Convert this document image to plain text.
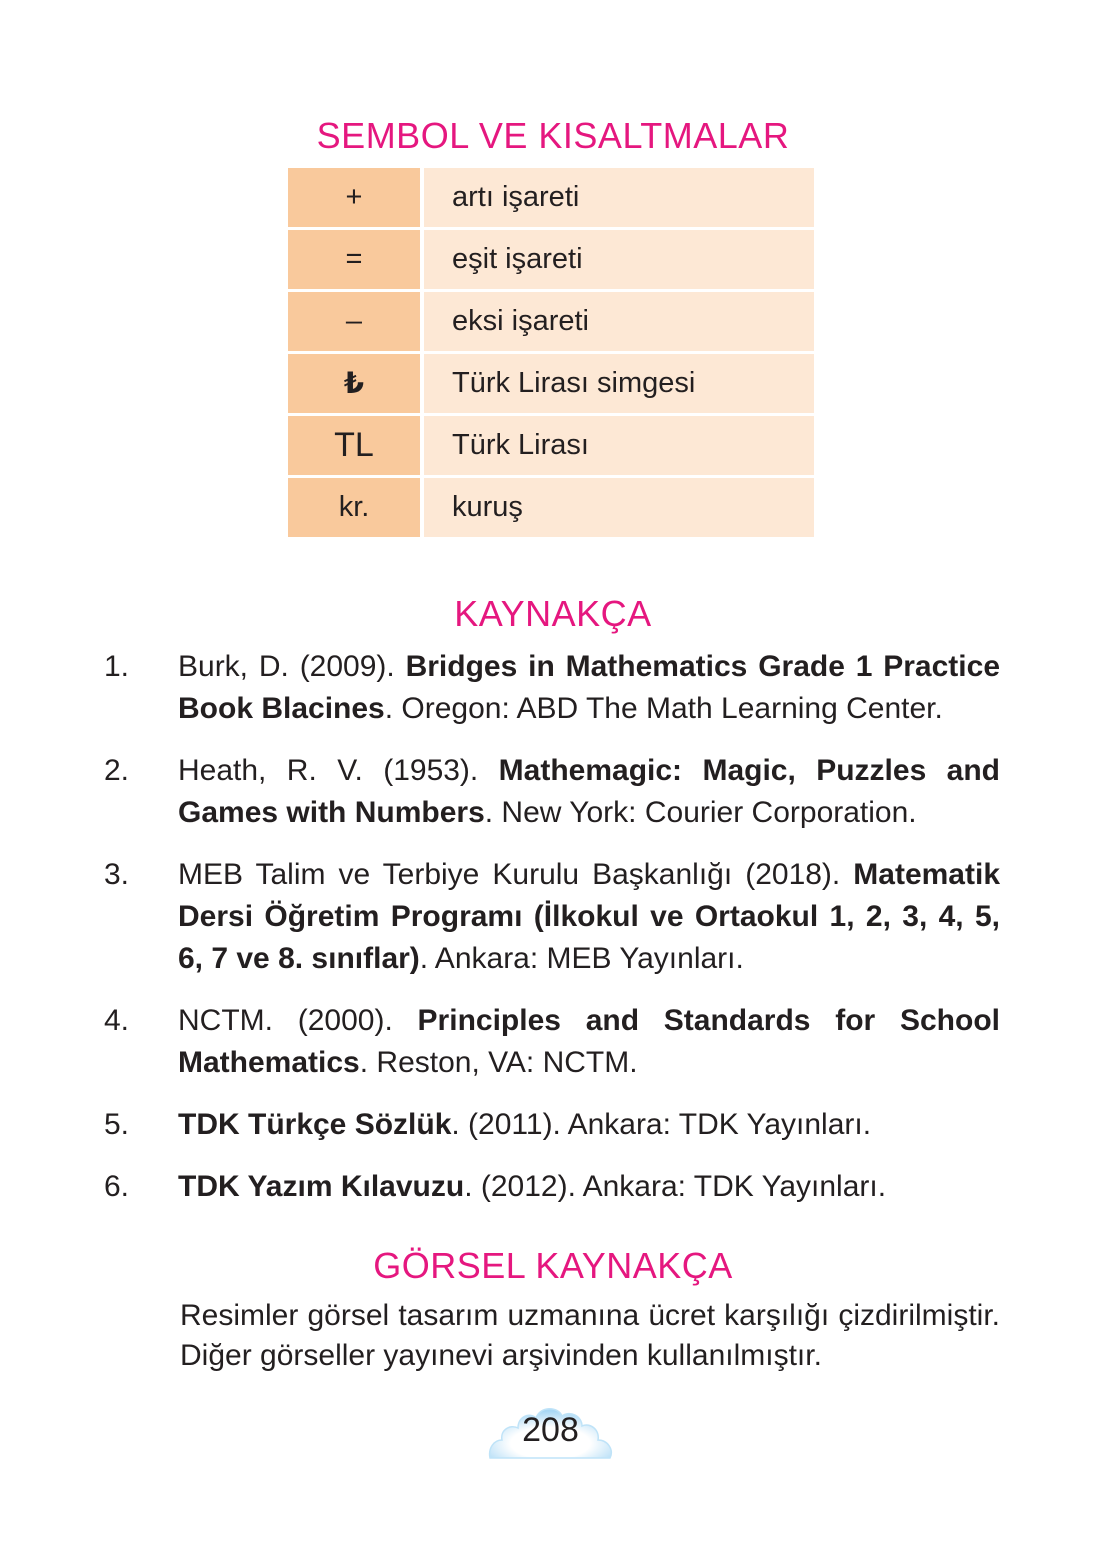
SEMBOL VE KISALTMALAR
+	artı işareti
=	eşit işareti
–	eksi işareti
₺	Türk Lirası simgesi
TL	Türk Lirası
kr.	kuruş
KAYNAKÇA
1.	Burk, D. (2009). Bridges in Mathematics Grade 1 Practice Book Blacines. Oregon: ABD The Math Learning Center.
2.	Heath, R. V. (1953). Mathemagic: Magic, Puzzles and Games with Numbers. New York: Courier Corporation.
3.	MEB Talim ve Terbiye Kurulu Başkanlığı (2018). Matematik Dersi Öğretim Programı (İlkokul ve Ortaokul 1, 2, 3, 4, 5, 6, 7 ve 8. sınıflar). Ankara: MEB Yayınları.
4.	NCTM. (2000). Principles and Standards for School Mathematics. Reston, VA: NCTM.
5.	TDK Türkçe Sözlük. (2011). Ankara: TDK Yayınları.
6.	TDK Yazım Kılavuzu. (2012). Ankara: TDK Yayınları.
GÖRSEL KAYNAKÇA
Resimler görsel tasarım uzmanına ücret karşılığı çizdirilmiştir. Diğer görseller yayınevi arşivinden kullanılmıştır.
208
